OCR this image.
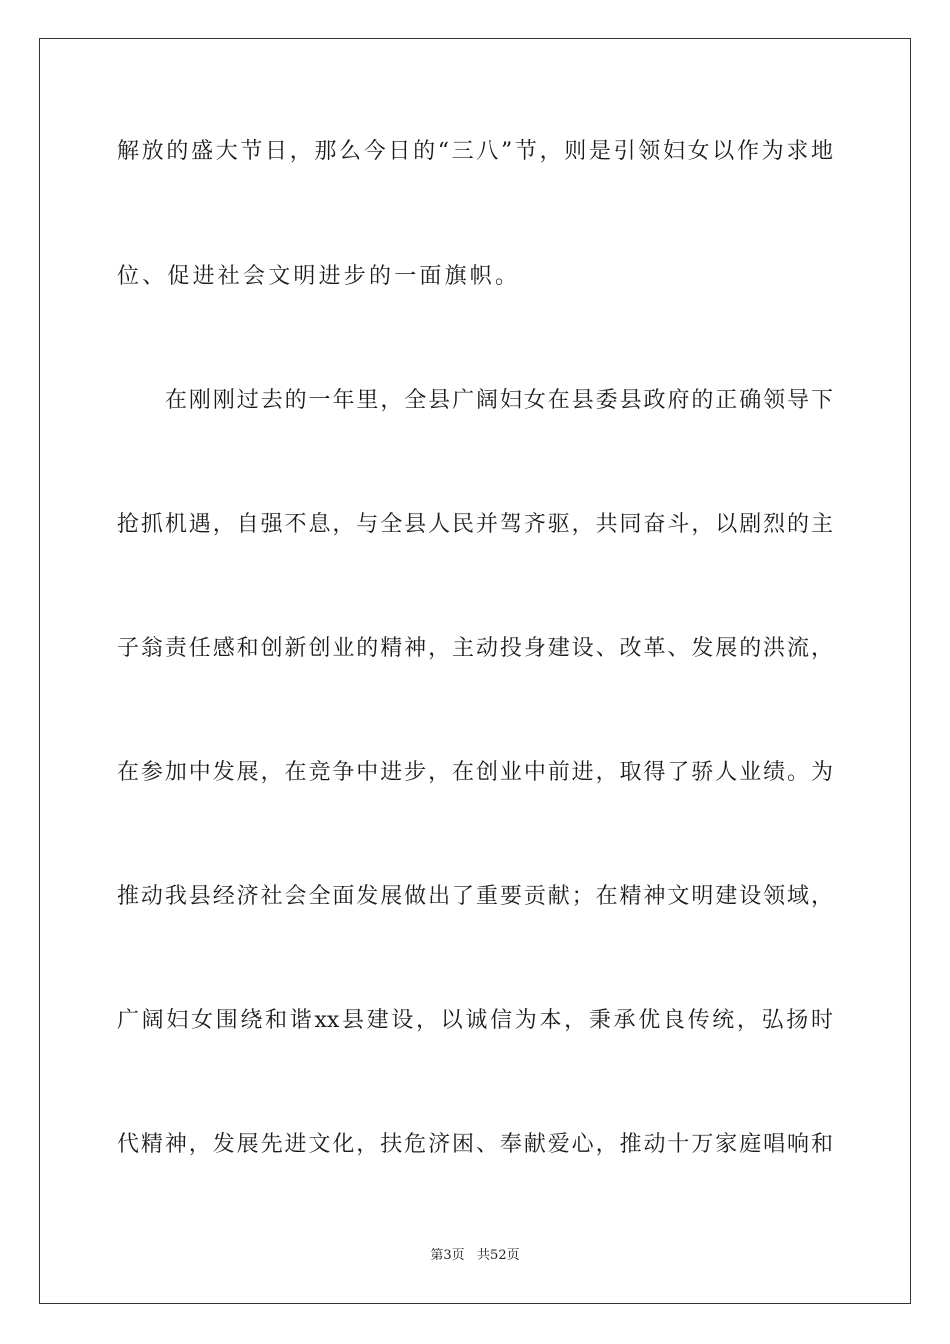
解放的盛大节日，那么今日的“三八”节，则是引领妇女以作为求地
位、促进社会文明进步的一面旗帜。
在刚刚过去的一年里，全县广阔妇女在县委县政府的正确领导下
抢抓机遇，自强不息，与全县人民并驾齐驱，共同奋斗，以剧烈的主
子翁责任感和创新创业的精神，主动投身建设、改革、发展的洪流，
在参加中发展，在竞争中进步，在创业中前进，取得了骄人业绩。为
推动我县经济社会全面发展做出了重要贡献；在精神文明建设领域，
广阔妇女围绕和谐xx县建设，以诚信为本，秉承优良传统，弘扬时
代精神，发展先进文化，扶危济困、奉献爱心，推动十万家庭唱响和
第3页   共52页
